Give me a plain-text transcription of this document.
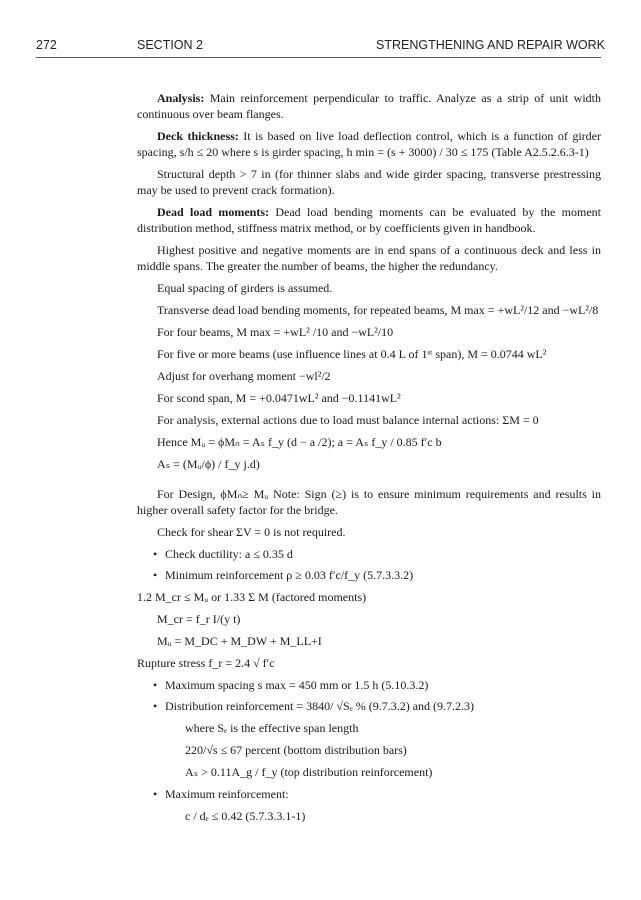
272	SECTION 2	STRENGTHENING AND REPAIR WORK

Analysis: Main reinforcement perpendicular to traffic. Analyze as a strip of unit width continuous over beam flanges.

Deck thickness: It is based on live load deflection control, which is a function of girder spacing, s/h ≤ 20 where s is girder spacing, h min = (s + 3000) / 30 ≤ 175 (Table A2.5.2.6.3-1)

Structural depth > 7 in (for thinner slabs and wide girder spacing, transverse prestressing may be used to prevent crack formation).

Dead load moments: Dead load bending moments can be evaluated by the moment distribution method, stiffness matrix method, or by coefficients given in handbook.

Highest positive and negative moments are in end spans of a continuous deck and less in middle spans. The greater the number of beams, the higher the redundancy.

Equal spacing of girders is assumed.

Transverse dead load bending moments, for repeated beams, M max = +wL²/12 and −wL²/8

For four beams, M max = +wL² /10 and −wL²/10

For five or more beams (use influence lines at 0.4 L of 1ˢᵗ span), M = 0.0744 wL²

Adjust for overhang moment −wl²/2

For scond span, M = +0.0471wL² and −0.1141wL²

For analysis, external actions due to load must balance internal actions: ΣM = 0

Hence Mᵤ = ϕMₙ = Aₛ f_y (d − a /2); a = Aₛ f_y / 0.85 f′c b

Aₛ = (Mᵤ/ϕ) / f_y j.d)

For Design, ϕMₙ≥ Mᵤ Note: Sign (≥) is to ensure minimum requirements and results in higher overall safety factor for the bridge.

Check for shear ΣV = 0 is not required.

• Check ductility: a ≤ 0.35 d
• Minimum reinforcement ρ ≥ 0.03 f′c/f_y (5.7.3.3.2)

1.2 M_cr ≤ Mᵤ or 1.33 Σ M (factored moments)

M_cr = f_r I/(y t)

Mᵤ = M_DC + M_DW + M_LL+I

Rupture stress f_r = 2.4 √ f′c

• Maximum spacing s max = 450 mm or 1.5 h (5.10.3.2)
• Distribution reinforcement = 3840/ √Sₑ % (9.7.3.2) and (9.7.2.3)

where Sₑ is the effective span length

220/√s ≤ 67 percent (bottom distribution bars)

Aₛ > 0.11A_g / f_y (top distribution reinforcement)

• Maximum reinforcement:

c / dₑ ≤ 0.42 (5.7.3.3.1-1)
